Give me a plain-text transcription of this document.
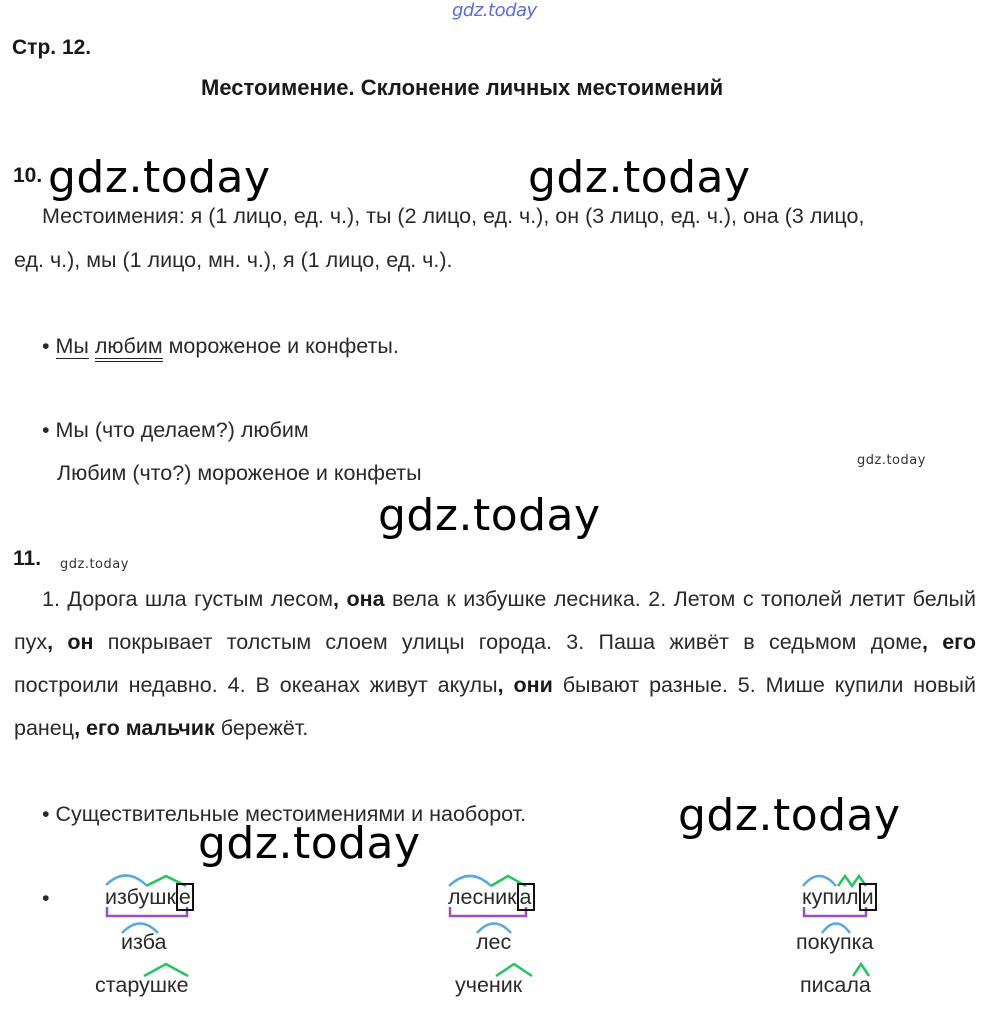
gdz.today
gdz.today	gdz.today
gdz.today
gdz.today
gdz.today
gdz.today
gdz.today
Стр. 12.
Местоимение. Склонение личных местоимений
10.
Местоимения: я (1 лицо, ед. ч.), ты (2 лицо, ед. ч.), он (3 лицо, ед. ч.), она (3 лицо,
ед. ч.), мы (1 лицо, мн. ч.), я (1 лицо, ед. ч.).
• Мы любим мороженое и конфеты.
• Мы (что делаем?) любим
Любим (что?) мороженое и конфеты
11.
1. Дорога шла густым лесом, она вела к избушке лесника. 2. Летом с тополей летит белый пух, он покрывает толстым слоем улицы города. 3. Паша живёт в седьмом доме, его построили недавно. 4. В океанах живут акулы, они бывают разные. 5. Мише купили новый ранец, его мальчик бережёт.
• Существительные местоимениями и наоборот.
•	избушк е
изба
старушке
лесник а
лес
ученик
купил и
покупка
писала
